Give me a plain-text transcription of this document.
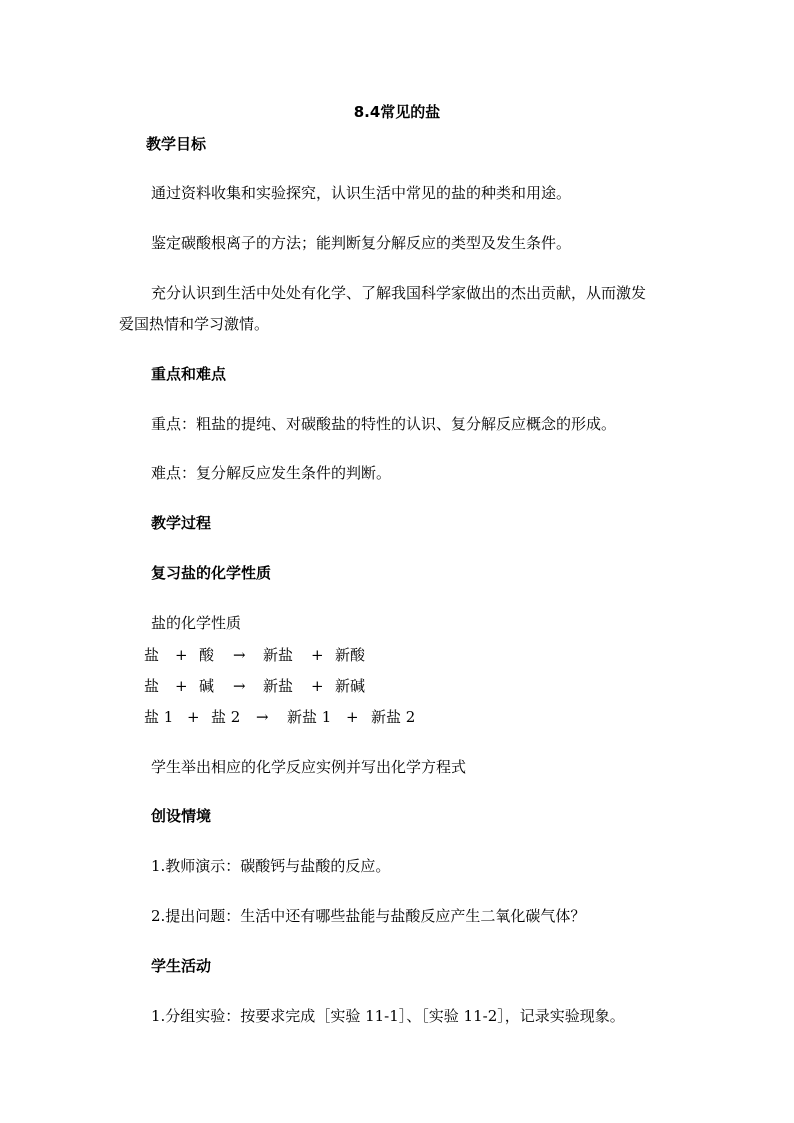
8.4常见的盐
教学目标
通过资料收集和实验探究，认识生活中常见的盐的种类和用途。
鉴定碳酸根离子的方法；能判断复分解反应的类型及发生条件。
充分认识到生活中处处有化学、了解我国科学家做出的杰出贡献，从而激发
爱国热情和学习激情。
重点和难点
重点：粗盐的提纯、对碳酸盐的特性的认识、复分解反应概念的形成。
难点：复分解反应发生条件的判断。
教学过程
复习盐的化学性质
盐的化学性质
盐 + 酸 → 新盐 + 新酸
盐 + 碱 → 新盐 + 新碱
盐 1 + 盐 2 → 新盐 1 + 新盐 2
学生举出相应的化学反应实例并写出化学方程式
创设情境
1.教师演示：碳酸钙与盐酸的反应。
2.提出问题：生活中还有哪些盐能与盐酸反应产生二氧化碳气体？
学生活动
1.分组实验：按要求完成［实验 11-1］、［实验 11-2］，记录实验现象。
